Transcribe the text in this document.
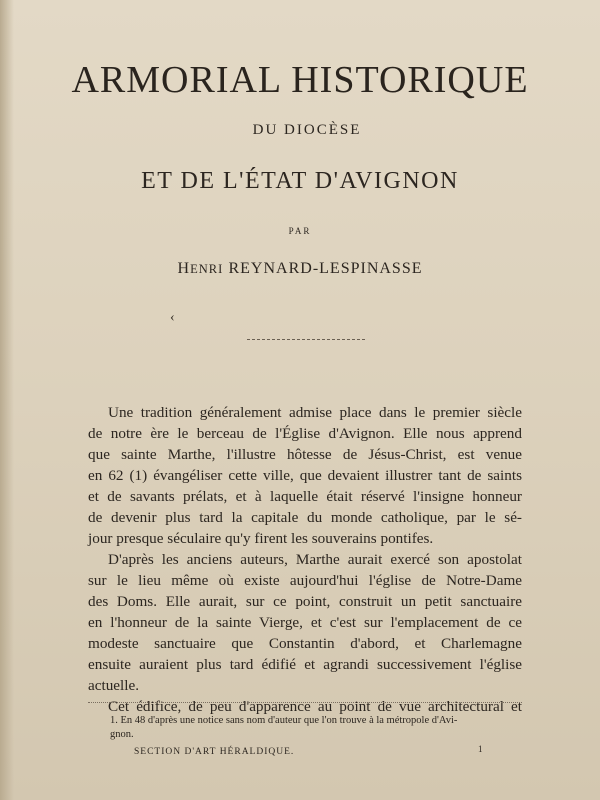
ARMORIAL HISTORIQUE
DU DIOCÈSE
ET DE L'ÉTAT D'AVIGNON
PAR
HENRI REYNARD-LESPINASSE
‹
Une tradition généralement admise place dans le premier siècle
de notre ère le berceau de l'Église d'Avignon. Elle nous apprend
que sainte Marthe, l'illustre hôtesse de Jésus-Christ, est venue
en 62 (1) évangéliser cette ville, que devaient illustrer tant de saints
et de savants prélats, et à laquelle était réservé l'insigne honneur
de devenir plus tard la capitale du monde catholique, par le sé-
jour presque séculaire qu'y firent les souverains pontifes.
D'après les anciens auteurs, Marthe aurait exercé son apostolat
sur le lieu même où existe aujourd'hui l'église de Notre-Dame
des Doms. Elle aurait, sur ce point, construit un petit sanctuaire
en l'honneur de la sainte Vierge, et c'est sur l'emplacement de ce
modeste sanctuaire que Constantin d'abord, et Charlemagne
ensuite auraient plus tard édifié et agrandi successivement l'église
actuelle.
Cet édifice, de peu d'apparence au point de vue architectural et
1. En 48 d'après une notice sans nom d'auteur que l'on trouve à la métropole d'Avi-
gnon.
SECTION D'ART HÉRALDIQUE.	1
